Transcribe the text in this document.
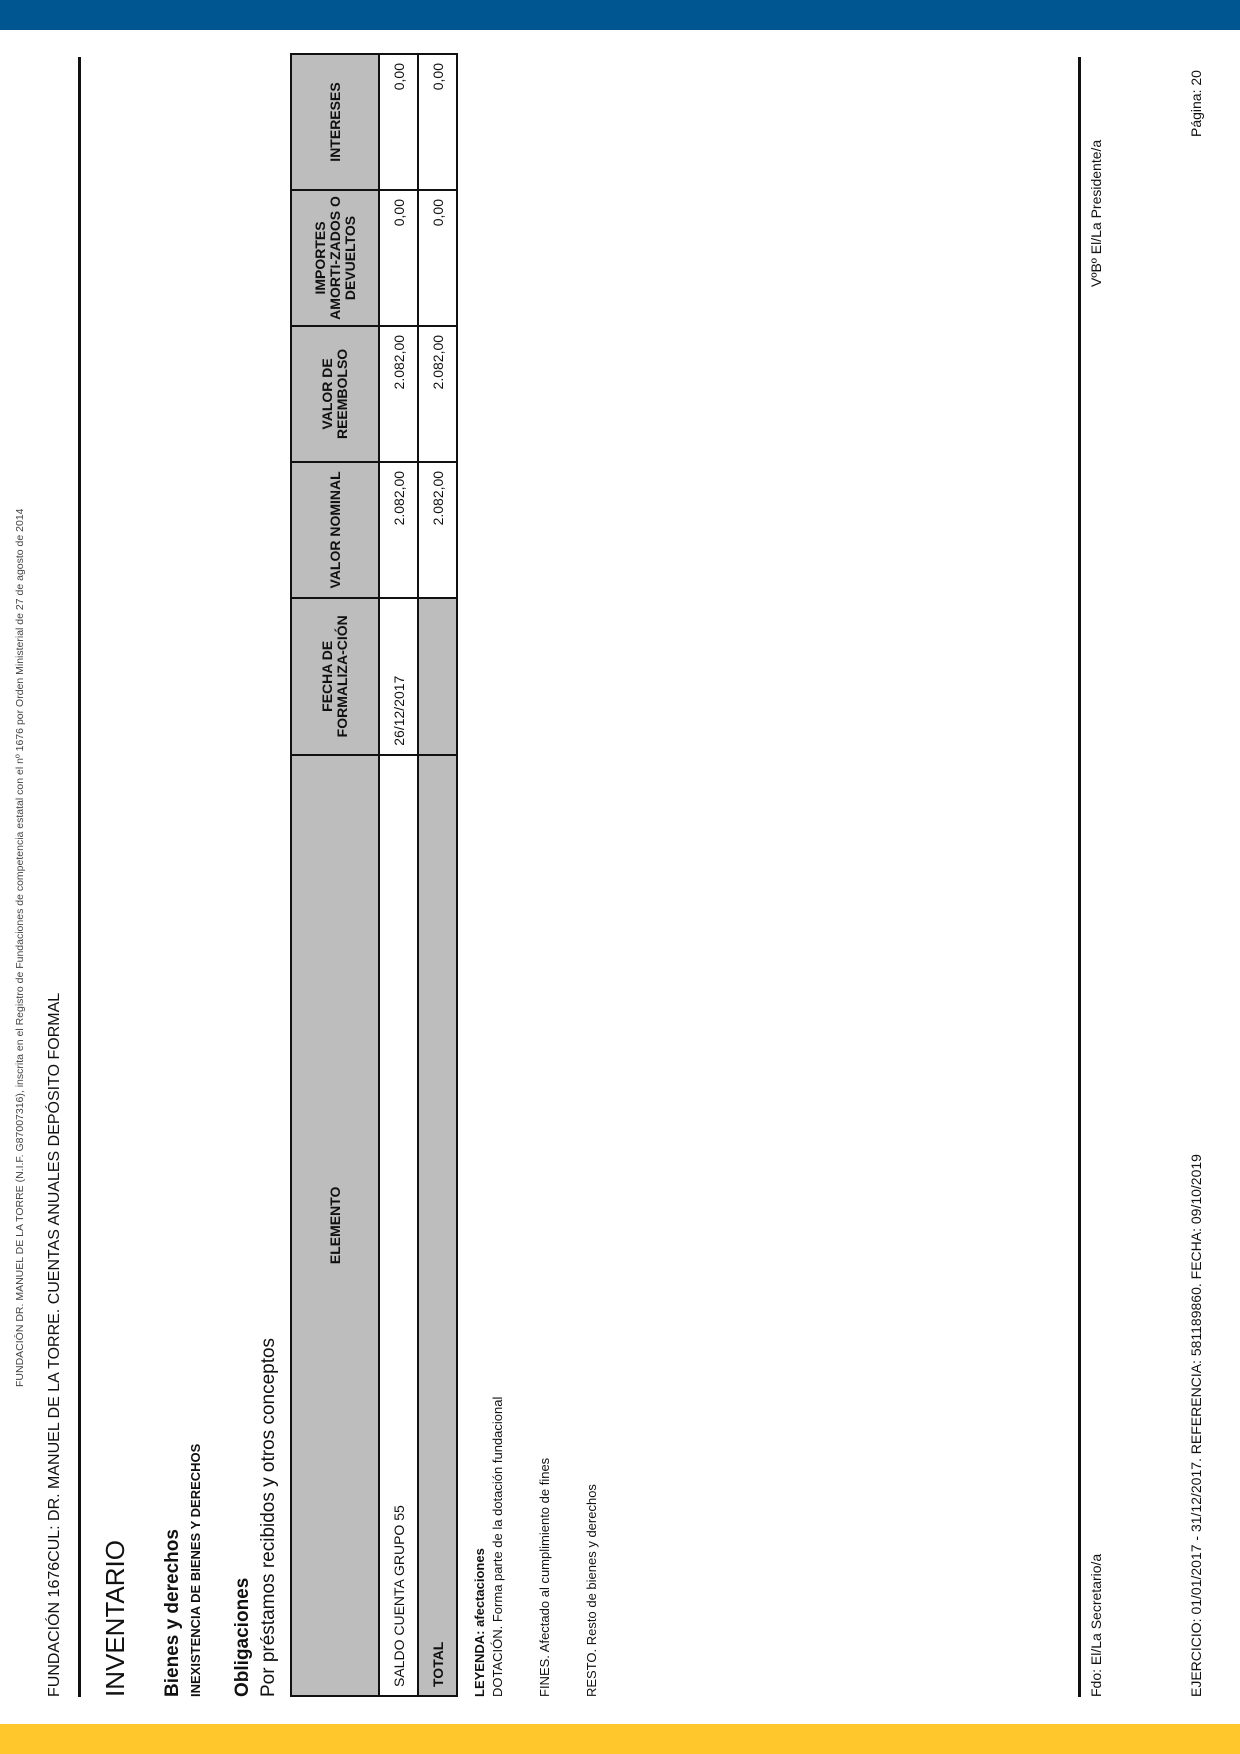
FUNDACIÓN DR. MANUEL DE LA TORRE (N.I.F. G87007316), inscrita en el Registro de Fundaciones de competencia estatal con el nº 1676 por Orden Ministerial de 27 de agosto de 2014 FUNDACIÓN 1676CUL: DR. MANUEL DE LA TORRE. CUENTAS ANUALES DEPÓSITO FORMAL INVENTARIO Bienes y derechos INEXISTENCIA DE BIENES Y DERECHOS Obligaciones Por préstamos recibidos y otros conceptos
ELEMENTO	FECHA DE FORMALIZA-CIÓN	VALOR NOMINAL	VALOR DE REEMBOLSO	IMPORTES AMORTI-ZADOS O DEVUELTOS	INTERESES
SALDO CUENTA GRUPO 55	26/12/2017	2.082,00	2.082,00	0,00	0,00
TOTAL		2.082,00	2.082,00	0,00	0,00
LEYENDA: afectaciones DOTACIÓN. Forma parte de la dotación fundacional FINES. Afectado al cumplimiento de fines RESTO. Resto de bienes y derechos	Fdo: El/La Secretario/a
VºBº El/La Presidente/a
EJERCICIO: 01/01/2017 - 31/12/2017. REFERENCIA: 581189860. FECHA: 09/10/2019
Página: 20
